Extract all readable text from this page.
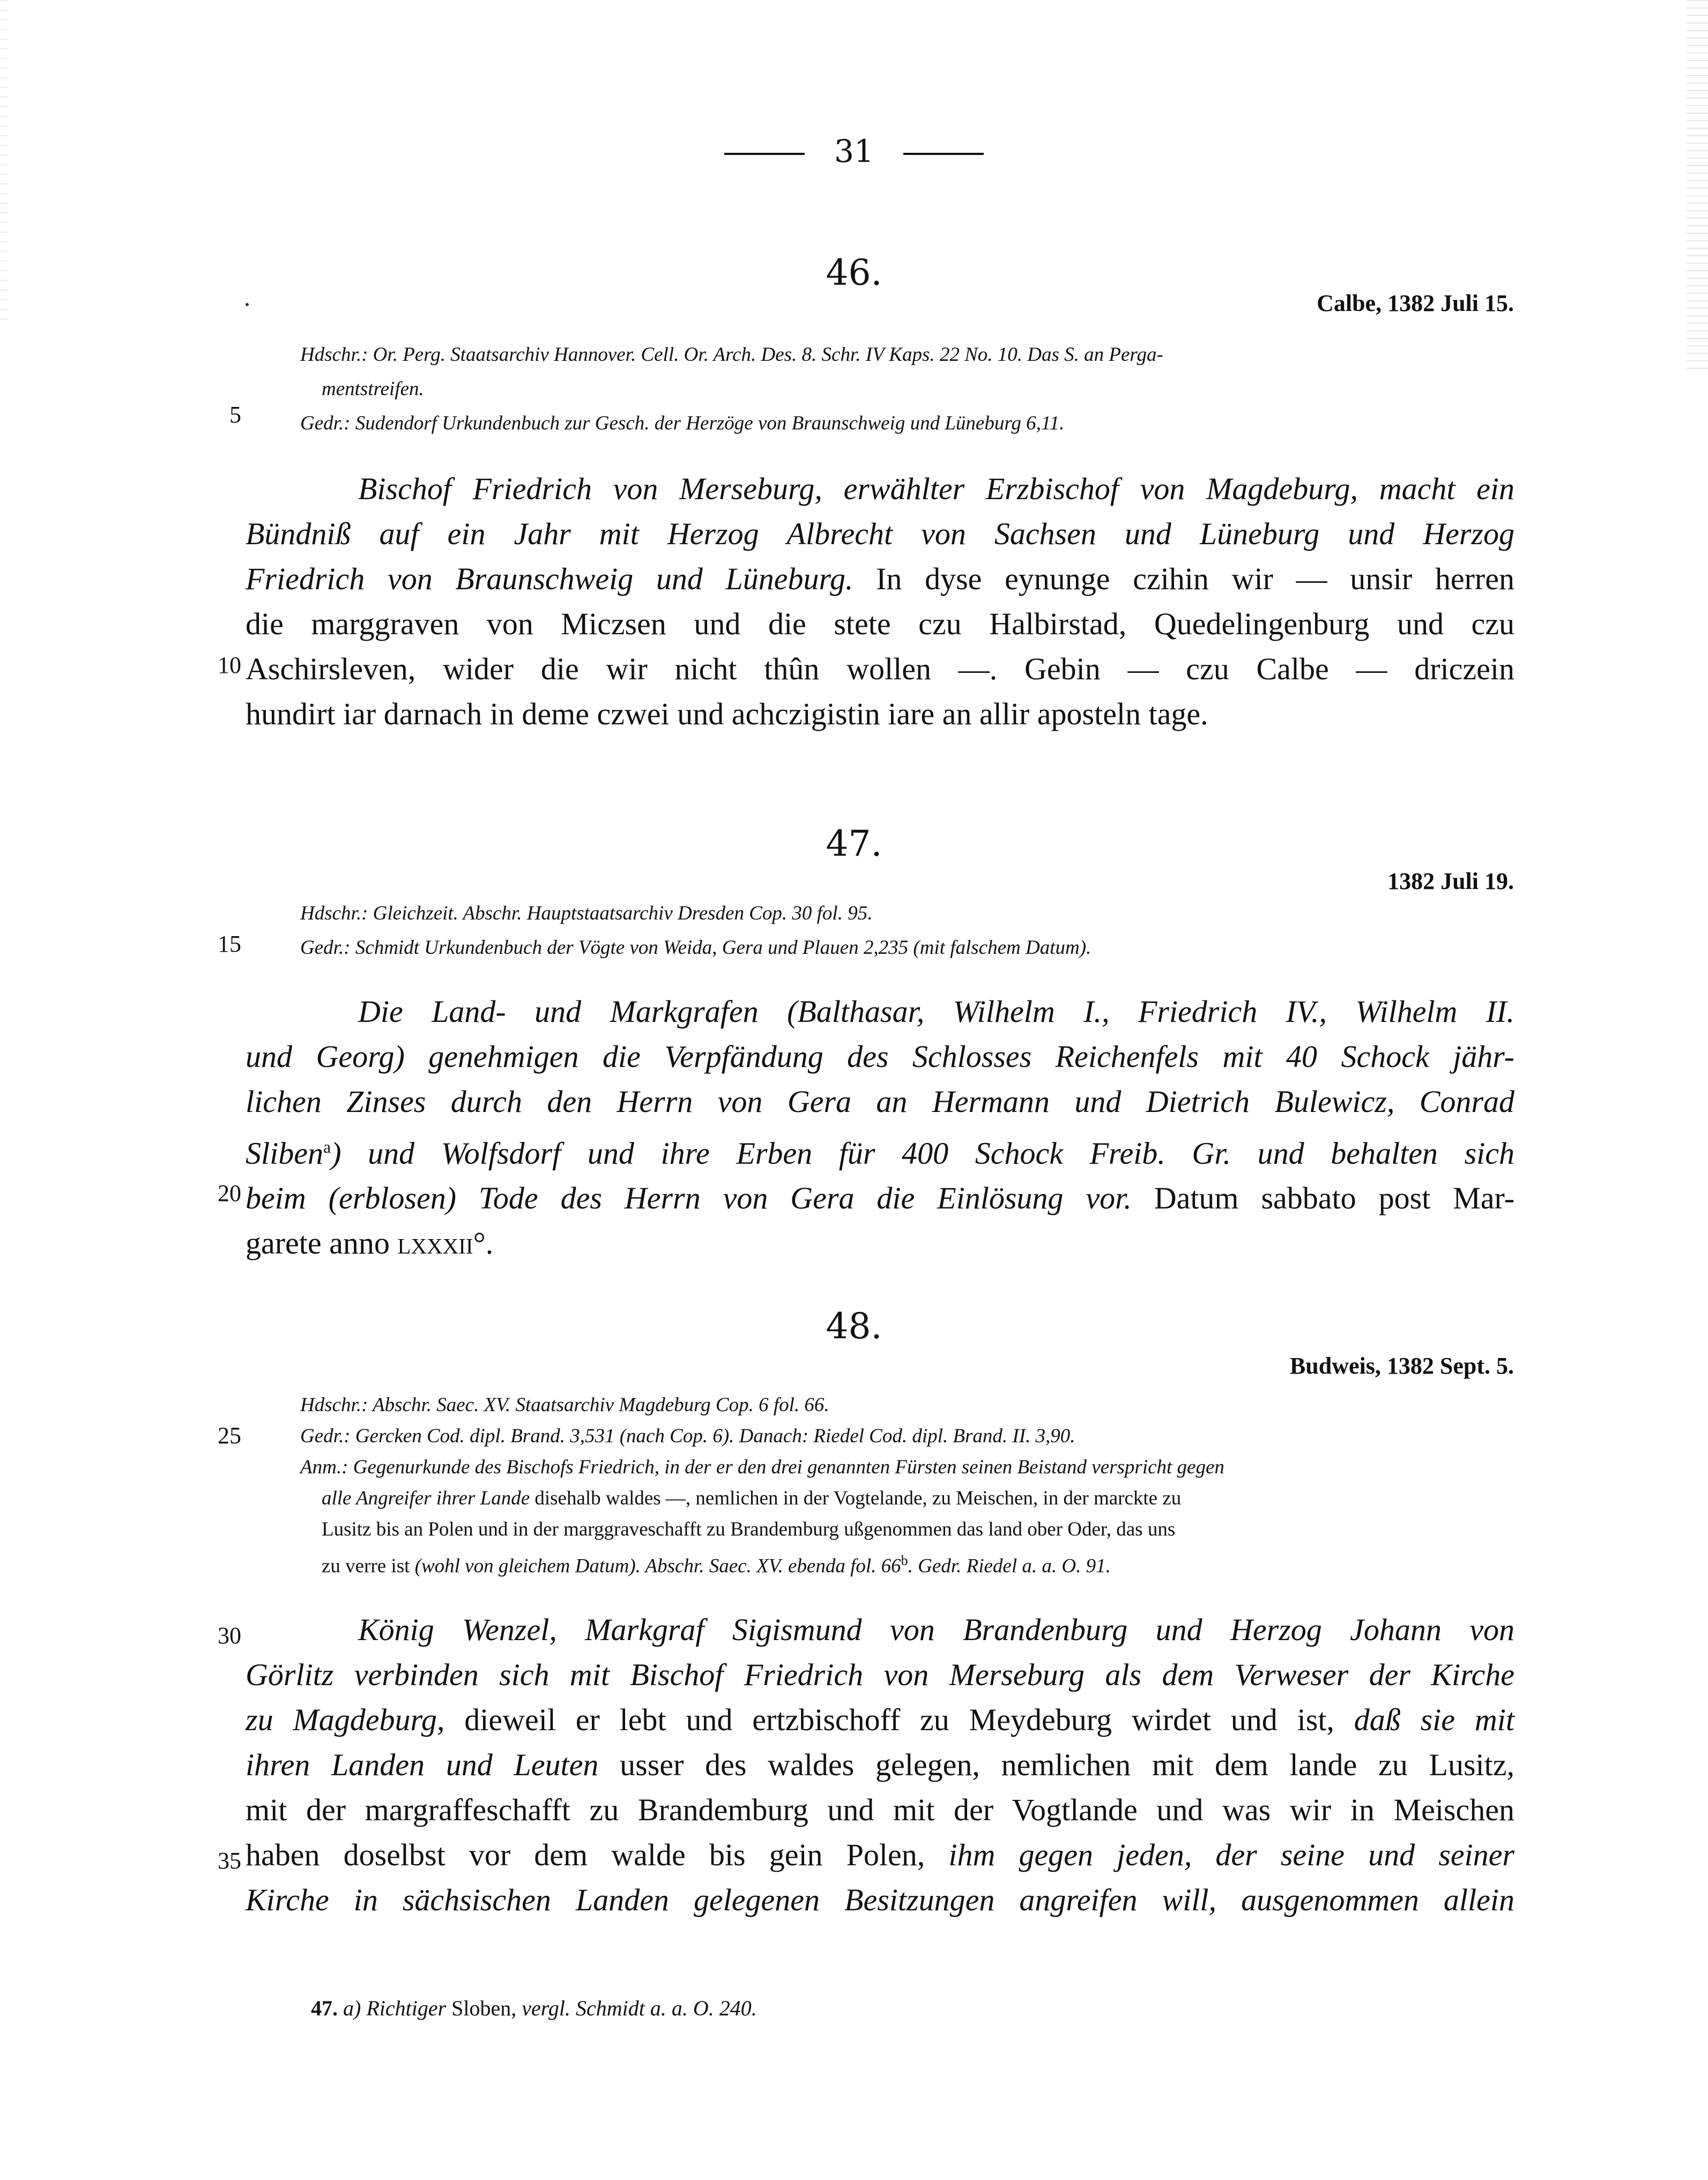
31
46.
Calbe, 1382 Juli 15.
Hdschr.: Or. Perg. Staatsarchiv Hannover. Cell. Or. Arch. Des. 8. Schr. IV Kaps. 22 No. 10. Das S. an Perga-
mentstreifen.
Gedr.: Sudendorf Urkundenbuch zur Gesch. der Herzöge von Braunschweig und Lüneburg 6,11.
5
Bischof Friedrich von Merseburg, erwählter Erzbischof von Magdeburg, macht ein
Bündniß auf ein Jahr mit Herzog Albrecht von Sachsen und Lüneburg und Herzog
Friedrich von Braunschweig und Lüneburg. In dyse eynunge czihin wir — unsir herren
die marggraven von Miczsen und die stete czu Halbirstad, Quedelingenburg und czu
Aschirsleven, wider die wir nicht thûn wollen —. Gebin — czu Calbe — driczein
hundirt iar darnach in deme czwei und achczigistin iare an allir aposteln tage.
10
47.
1382 Juli 19.
Hdschr.: Gleichzeit. Abschr. Hauptstaatsarchiv Dresden Cop. 30 fol. 95.
Gedr.: Schmidt Urkundenbuch der Vögte von Weida, Gera und Plauen 2,235 (mit falschem Datum).
15
Die Land- und Markgrafen (Balthasar, Wilhelm I., Friedrich IV., Wilhelm II.
und Georg) genehmigen die Verpfändung des Schlosses Reichenfels mit 40 Schock jähr-
lichen Zinses durch den Herrn von Gera an Hermann und Dietrich Bulewicz, Conrad
Sliben$^a$) und Wolfsdorf und ihre Erben für 400 Schock Freib. Gr. und behalten sich
beim (erblosen) Tode des Herrn von Gera die Einlösung vor. Datum sabbato post Mar-
garete anno lxxxii°.
20
48.
Budweis, 1382 Sept. 5.
Hdschr.: Abschr. Saec. XV. Staatsarchiv Magdeburg Cop. 6 fol. 66.
Gedr.: Gercken Cod. dipl. Brand. 3,531 (nach Cop. 6). Danach: Riedel Cod. dipl. Brand. II. 3,90.
Anm.: Gegenurkunde des Bischofs Friedrich, in der er den drei genannten Fürsten seinen Beistand verspricht gegen
alle Angreifer ihrer Lande disehalb waldes —, nemlichen in der Vogtelande, zu Meischen, in der marckte zu
Lusitz bis an Polen und in der marggraveschafft zu Brandemburg ußgenommen das land ober Oder, das uns
zu verre ist (wohl von gleichem Datum). Abschr. Saec. XV. ebenda fol. 66$^b$. Gedr. Riedel a. a. O. 91.
25
König Wenzel, Markgraf Sigismund von Brandenburg und Herzog Johann von
Görlitz verbinden sich mit Bischof Friedrich von Merseburg als dem Verweser der Kirche
zu Magdeburg, dieweil er lebt und ertzbischoff zu Meydeburg wirdet und ist, daß sie mit
ihren Landen und Leuten usser des waldes gelegen, nemlichen mit dem lande zu Lusitz,
mit der margraffeschafft zu Brandemburg und mit der Vogtlande und was wir in Meischen
haben doselbst vor dem walde bis gein Polen, ihm gegen jeden, der seine und seiner
Kirche in sächsischen Landen gelegenen Besitzungen angreifen will, ausgenommen allein
30
35
47. a) Richtiger Sloben, vergl. Schmidt a. a. O. 240.
